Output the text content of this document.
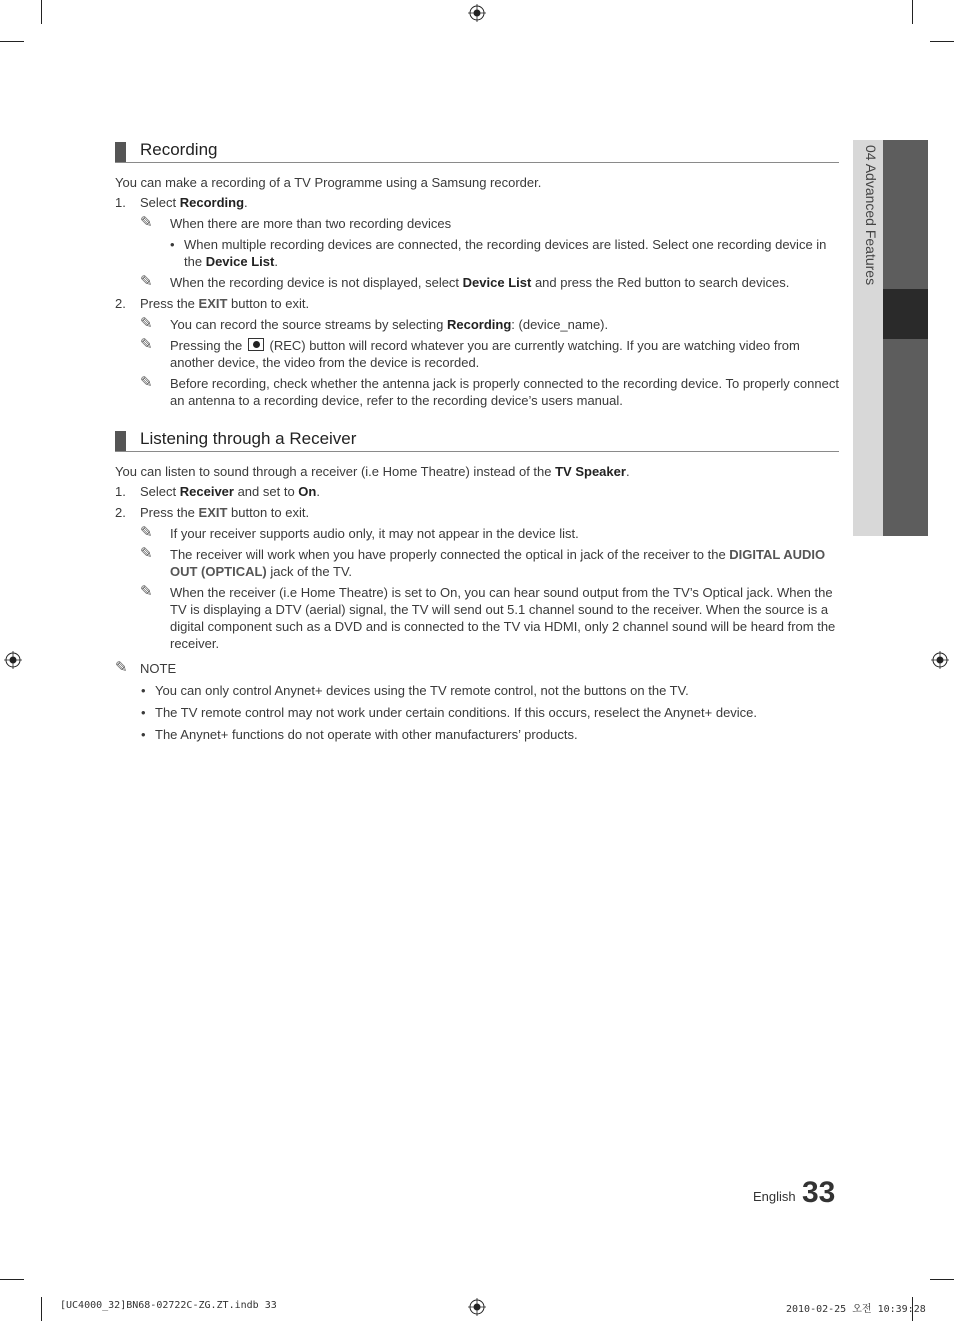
04 Advanced Features
Recording

You can make a recording of a TV Programme using a Samsung recorder.

1. Select Recording.
✎ When there are more than two recording devices
• When multiple recording devices are connected, the recording devices are listed. Select one recording device in the Device List.
✎ When the recording device is not displayed, select Device List and press the Red button to search devices.
2. Press the EXIT button to exit.
✎ You can record the source streams by selecting Recording: (device_name).
✎ Pressing the  (REC) button will record whatever you are currently watching. If you are watching video from another device, the video from the device is recorded.
✎ Before recording, check whether the antenna jack is properly connected to the recording device. To properly connect an antenna to a recording device, refer to the recording device’s users manual.
Listening through a Receiver

You can listen to sound through a receiver (i.e Home Theatre) instead of the TV Speaker.

1. Select Receiver and set to On.
2. Press the EXIT button to exit.
✎ If your receiver supports audio only, it may not appear in the device list.
✎ The receiver will work when you have properly connected the optical in jack of the receiver to the DIGITAL AUDIO OUT (OPTICAL) jack of the TV.
✎ When the receiver (i.e Home Theatre) is set to On, you can hear sound output from the TV’s Optical jack. When the TV is displaying a DTV (aerial) signal, the TV will send out 5.1 channel sound to the receiver. When the source is a digital component such as a DVD and is connected to the TV via HDMI, only 2 channel sound will be heard from the receiver.
✎ NOTE
• You can only control Anynet+ devices using the TV remote control, not the buttons on the TV.
• The TV remote control may not work under certain conditions. If this occurs, reselect the Anynet+ device.
• The Anynet+ functions do not operate with other manufacturers’ products.
English 33
[UC4000_32]BN68-02722C-ZG.ZT.indb 33	2010-02-25 오전 10:39:28
